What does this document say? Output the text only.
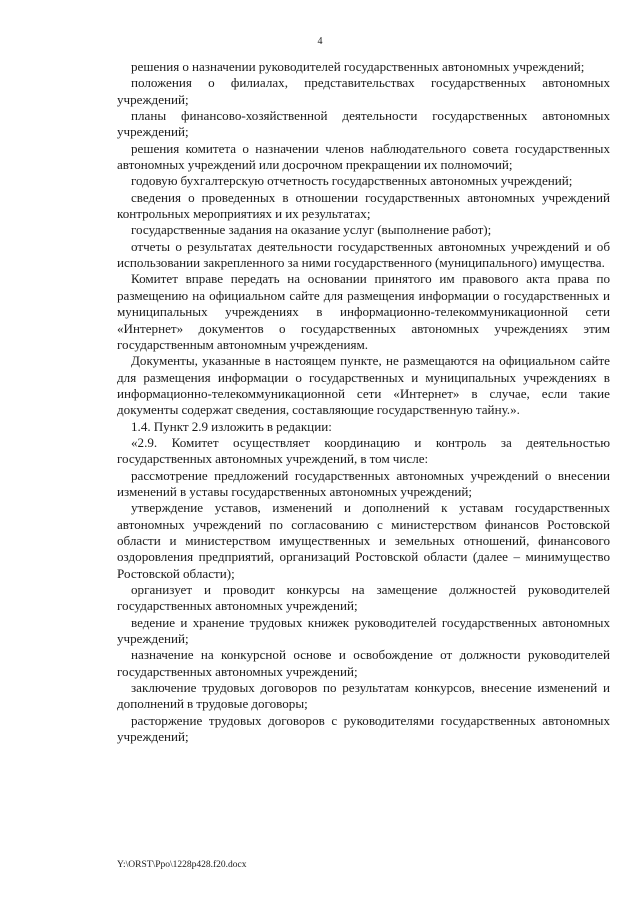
4

решения о назначении руководителей государственных автономных учреждений;

положения о филиалах, представительствах государственных автономных учреждений;

планы финансово-хозяйственной деятельности государственных автономных учреждений;

решения комитета о назначении членов наблюдательного совета государственных автономных учреждений или досрочном прекращении их полномочий;

годовую бухгалтерскую отчетность государственных автономных учреждений;

сведения о проведенных в отношении государственных автономных учреждений контрольных мероприятиях и их результатах;

государственные задания на оказание услуг (выполнение работ);

отчеты о результатах деятельности государственных автономных учреждений и об использовании закрепленного за ними государственного (муниципального) имущества.

Комитет вправе передать на основании принятого им правового акта права по размещению на официальном сайте для размещения информации о государственных и муниципальных учреждениях в информационно-телекоммуникационной сети «Интернет» документов о государственных автономных учреждениях этим государственным автономным учреждениям.

Документы, указанные в настоящем пункте, не размещаются на официальном сайте для размещения информации о государственных и муниципальных учреждениях в информационно-телекоммуникационной сети «Интернет» в случае, если такие документы содержат сведения, составляющие государственную тайну.».

1.4. Пункт 2.9 изложить в редакции:

«2.9. Комитет осуществляет координацию и контроль за деятельностью государственных автономных учреждений, в том числе:

рассмотрение предложений государственных автономных учреждений о внесении изменений в уставы государственных автономных учреждений;

утверждение уставов, изменений и дополнений к уставам государственных автономных учреждений по согласованию с министерством финансов Ростовской области и министерством имущественных и земельных отношений, финансового оздоровления предприятий, организаций Ростовской области (далее – минимущество Ростовской области);

организует и проводит конкурсы на замещение должностей руководителей государственных автономных учреждений;

ведение и хранение трудовых книжек руководителей государственных автономных учреждений;

назначение на конкурсной основе и освобождение от должности руководителей государственных автономных учреждений;

заключение трудовых договоров по результатам конкурсов, внесение изменений и дополнений в трудовые договоры;

расторжение трудовых договоров с руководителями государственных автономных учреждений;

Y:\ORST\Ppo\1228p428.f20.docx
